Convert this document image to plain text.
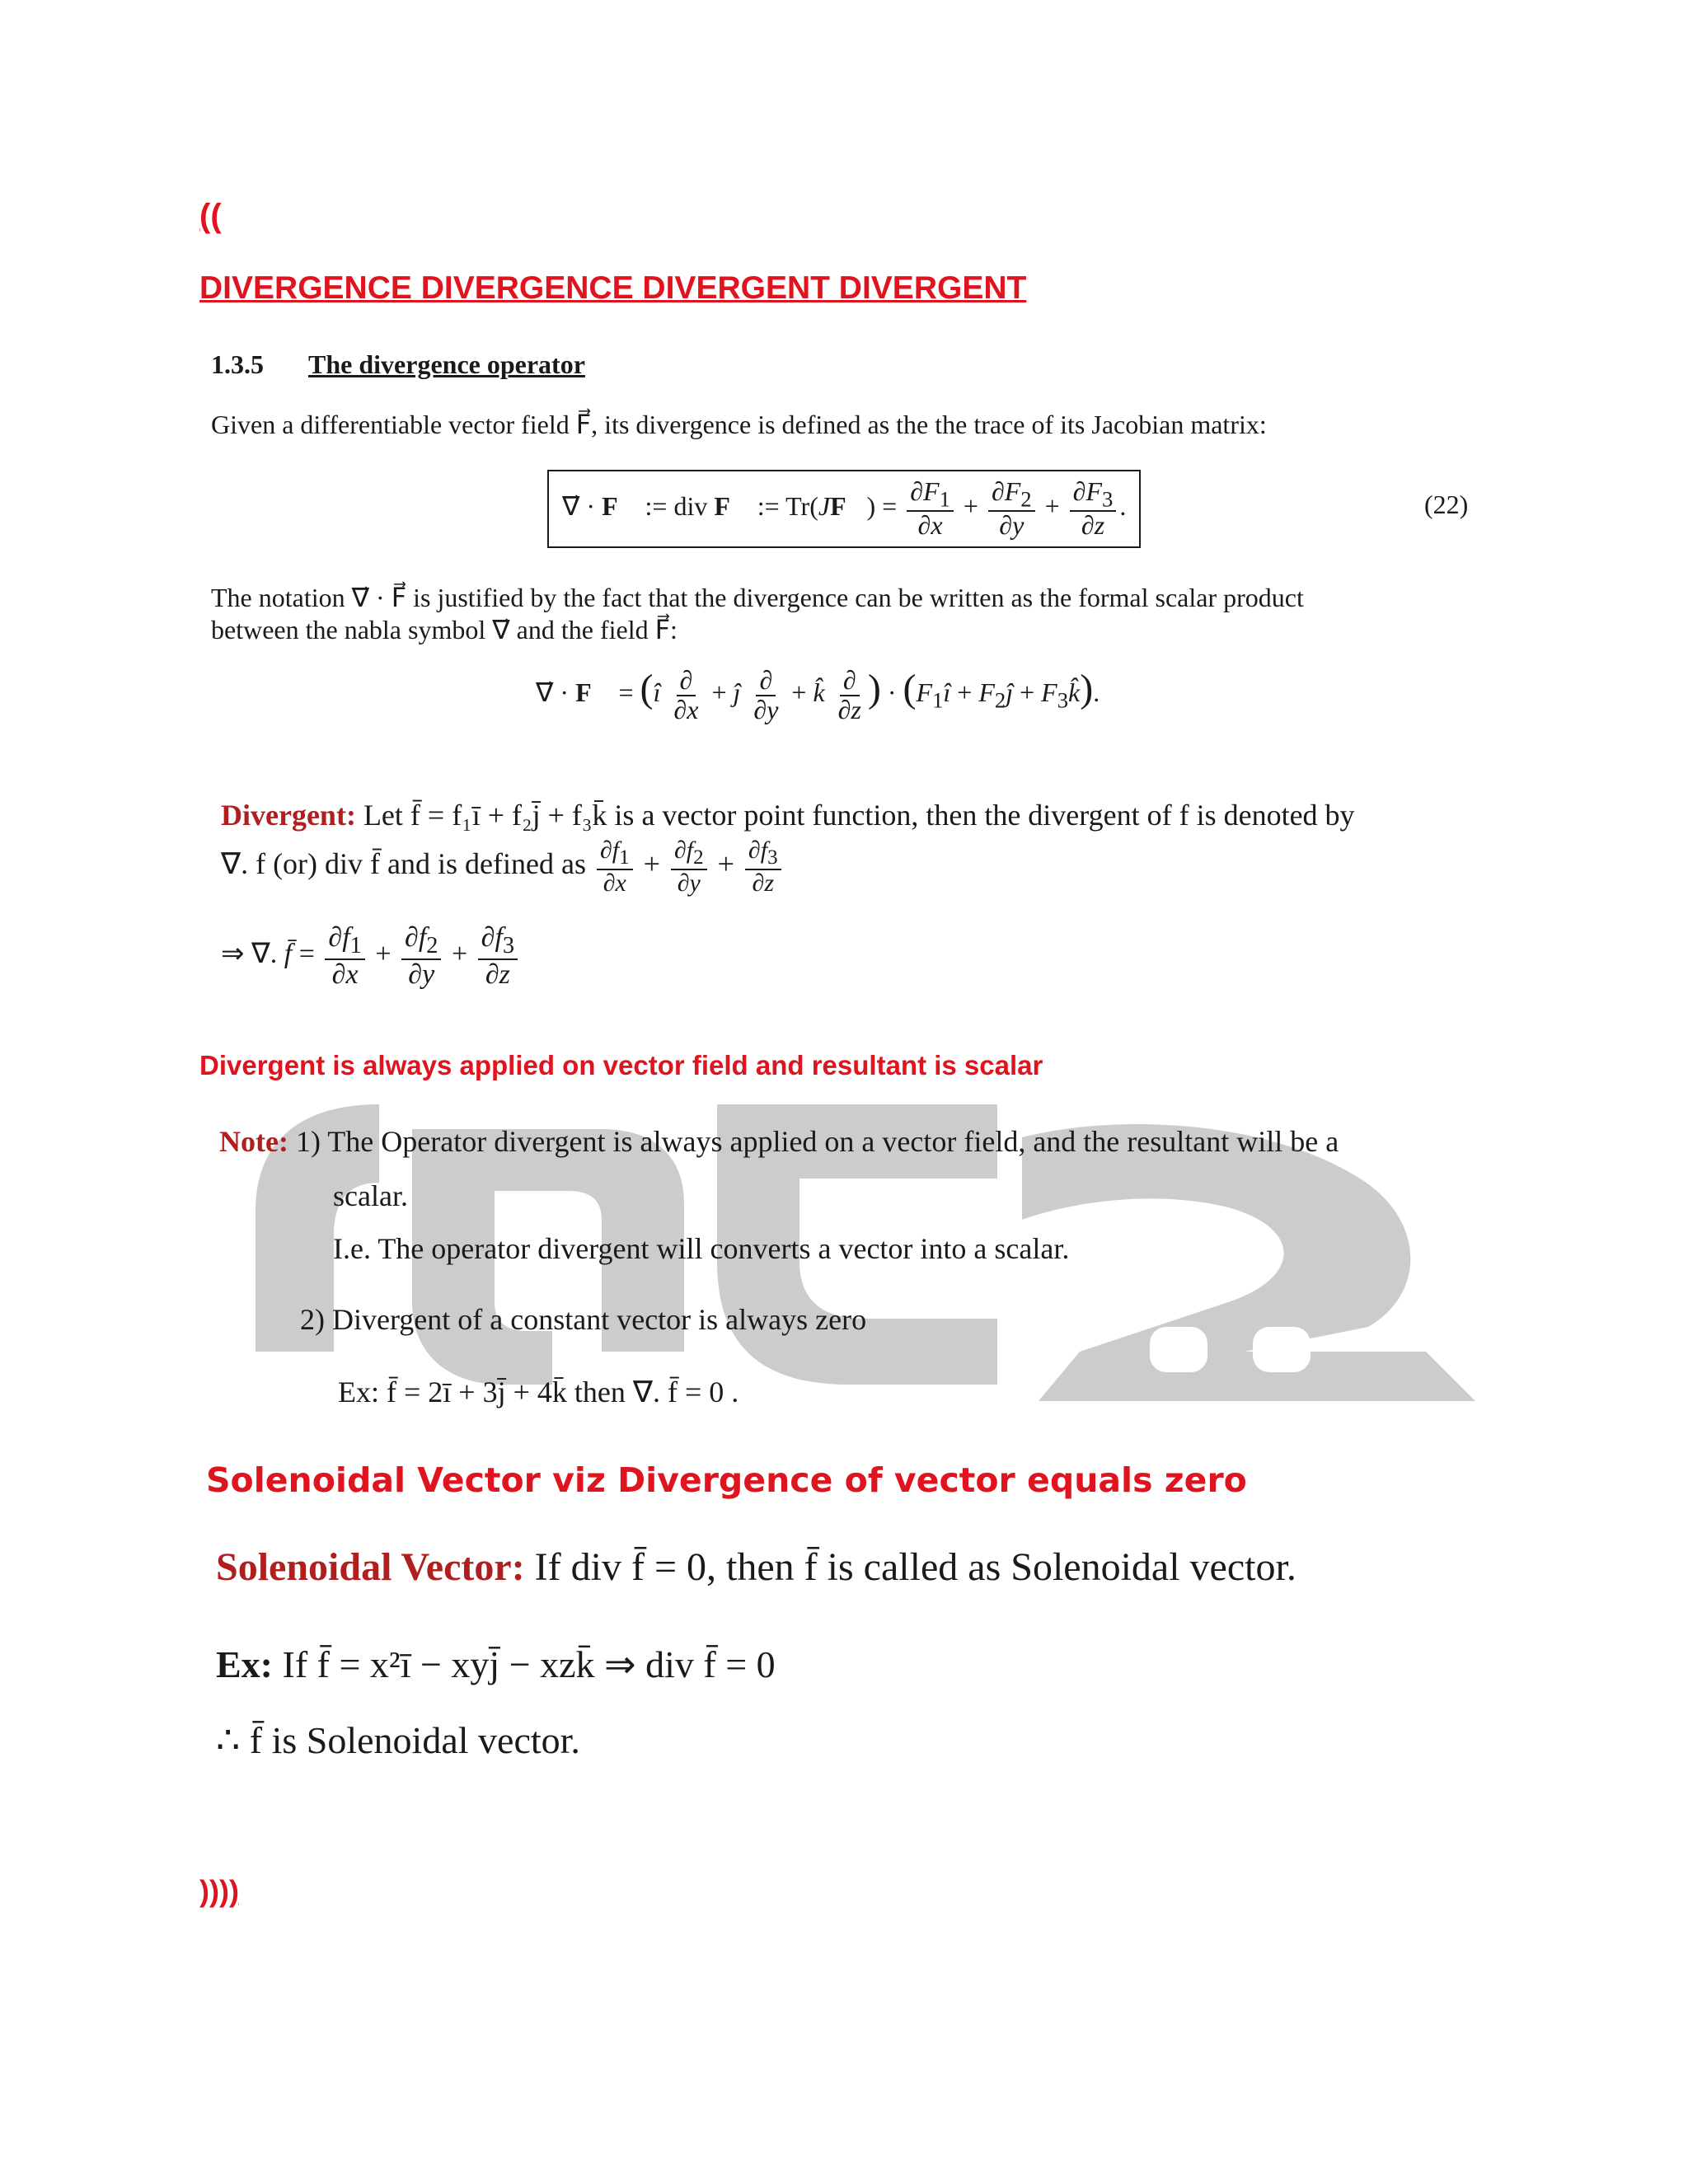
((
DIVERGENCE DIVERGENCE DIVERGENT DIVERGENT
1.3.5 The divergence operator
Given a differentiable vector field F⃗, its divergence is defined as the the trace of its Jacobian matrix:
∇⃗ · F⃗ := div F⃗ := Tr(JF⃗) = $\frac{\partial F_1}{\partial x} + \frac{\partial F_2}{\partial y} + \frac{\partial F_3}{\partial z}$ .	(22)
The notation ∇⃗ · F⃗ is justified by the fact that the divergence can be written as the formal scalar product
between the nabla symbol ∇⃗ and the field F⃗:
∇⃗ · F⃗ = (î $\frac{\partial}{\partial x}$ + ĵ $\frac{\partial}{\partial y}$ + k̂ $\frac{\partial}{\partial z}$ ) · ($F_1î$ + $F_2ĵ$ + $F_3k̂$).
Divergent: Let f̄ = f₁ī + f₂j̄ + f₃k̄ is a vector point function, then the divergent of f is denoted by
∇. f (or) div f̄ and is defined as $\frac{\partial f_1}{\partial x} + \frac{\partial f_2}{\partial y} + \frac{\partial f_3}{\partial z}$
⇒ ∇. f̄ = $\frac{\partial f_1}{\partial x} + \frac{\partial f_2}{\partial y} + \frac{\partial f_3}{\partial z}$
Divergent is always applied on vector field and resultant is scalar
Note: 1) The Operator divergent is always applied on a vector field, and the resultant will be a
scalar.
I.e. The operator divergent will converts a vector into a scalar.
2) Divergent of a constant vector is always zero
Ex: f̄ = 2ī + 3j̄ + 4k̄ then ∇. f̄ = 0 .
Solenoidal Vector viz Divergence of vector equals zero
Solenoidal Vector: If div f̄ = 0, then f̄ is called as Solenoidal vector.
Ex: If f̄ = x²ī − xyj̄ − xzk̄ ⇒ div f̄ = 0
∴ f̄ is Solenoidal vector.
))))
